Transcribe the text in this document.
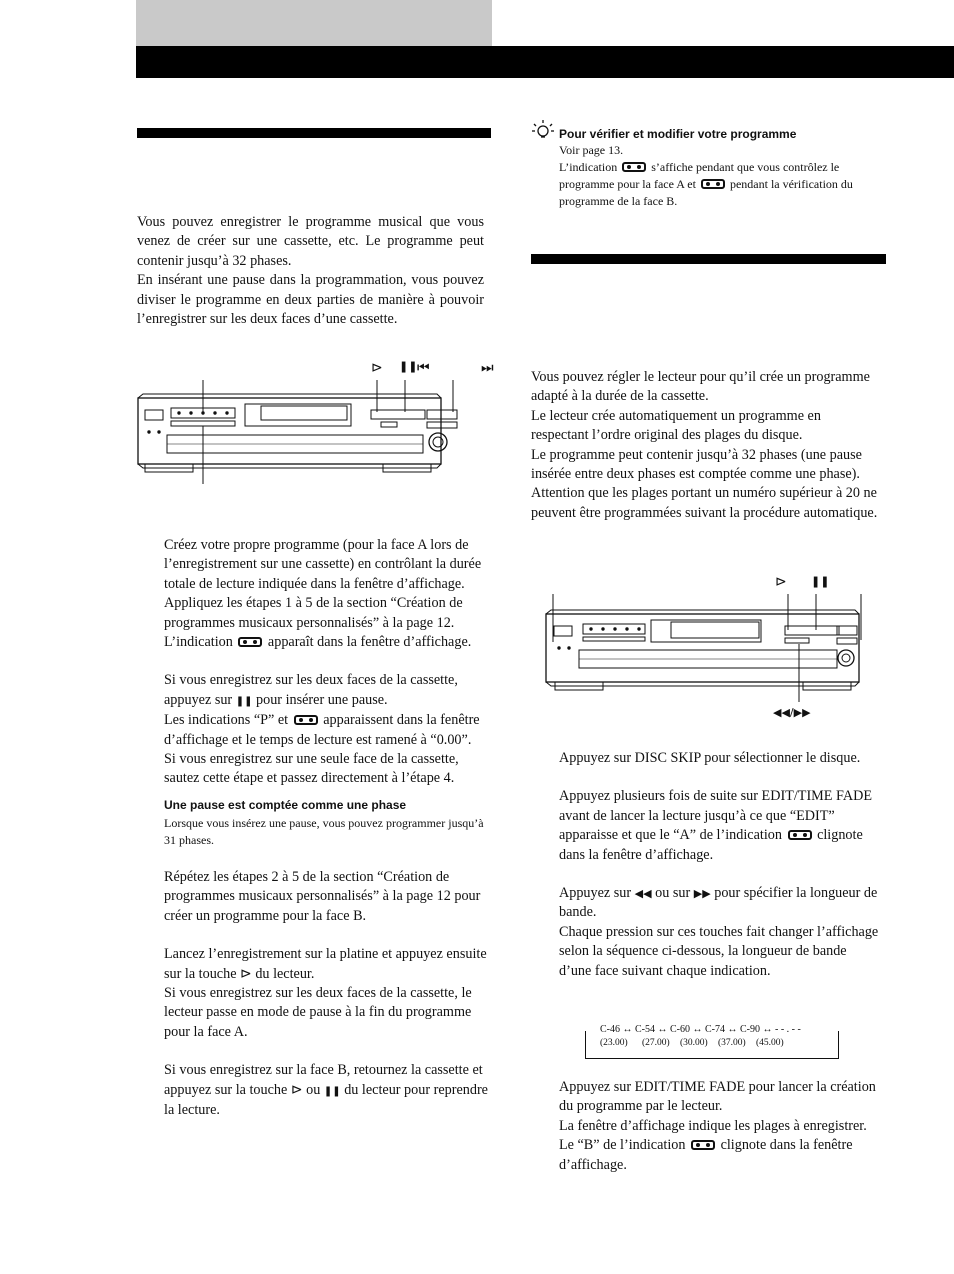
Vous pouvez enregistrer le programme musical que vous venez de créer sur une cassette, etc. Le programme peut contenir jusqu’à 32 phases.
En insérant une pause dans la programmation, vous pouvez diviser le programme en deux parties de manière à pouvoir l’enregistrer sur les deux faces d’une cassette.

⊳ ❚❚ ⏮	⏭

Créez votre propre programme (pour la face A lors de l’enregistrement sur une cassette) en contrôlant la durée totale de lecture indiquée dans la fenêtre d’affichage.
Appliquez les étapes 1 à 5 de la section “Création de programmes musicaux personnalisés” à la page 12.

L’indication apparaît dans la fenêtre d’affichage.

Si vous enregistrez sur les deux faces de la cassette, appuyez sur ❚❚ pour insérer une pause.

Les indications “P” et apparaissent dans la fenêtre d’affichage et le temps de lecture est ramené à “0.00”.

Si vous enregistrez sur une seule face de la cassette, sautez cette étape et passez directement à l’étape 4.

Une pause est comptée comme une phase
Lorsque vous insérez une pause, vous pouvez programmer jusqu’à 31 phases.

Répétez les étapes 2 à 5 de la section “Création de programmes musicaux personnalisés” à la page 12 pour créer un programme pour la face B.

Lancez l’enregistrement sur la platine et appuyez ensuite sur la touche ⊳ du lecteur.

Si vous enregistrez sur les deux faces de la cassette, le lecteur passe en mode de pause à la fin du programme pour la face A.

Si vous enregistrez sur la face B, retournez la cassette et appuyez sur la touche ⊳ ou ❚❚ du lecteur pour reprendre la lecture.

Pour vérifier et modifier votre programme
Voir page 13.
L’indication	s’affiche pendant que vous contrôlez le programme pour la face A et	pendant la vérification du programme de la face B.

Vous pouvez régler le lecteur pour qu’il crée un programme adapté à la durée de la cassette.
Le lecteur crée automatiquement un programme en respectant l’ordre original des plages du disque.
Le programme peut contenir jusqu’à 32 phases (une pause insérée entre deux phases est comptée comme une phase).
Attention que les plages portant un numéro supérieur à 20 ne peuvent être programmées suivant la procédure automatique.

⊳ ❚❚
◀◀/▶▶

Appuyez sur DISC SKIP pour sélectionner le disque.

Appuyez plusieurs fois de suite sur EDIT/TIME FADE avant de lancer la lecture jusqu’à ce que “EDIT” apparaisse et que le “A” de l’indication clignote dans la fenêtre d’affichage.

Appuyez sur ◀◀ ou sur ▶▶ pour spécifier la longueur de bande.

Chaque pression sur ces touches fait changer l’affichage selon la séquence ci-dessous, la longueur de bande d’une face suivant chaque indication.

C-46 ↔ C-54 ↔ C-60 ↔ C-74 ↔ C-90 ↔ - - . - -
(23.00) (27.00) (30.00) (37.00) (45.00)

Appuyez sur EDIT/TIME FADE pour lancer la création du programme par le lecteur.
La fenêtre d’affichage indique les plages à enregistrer. Le “B” de l’indication clignote dans la fenêtre d’affichage.
